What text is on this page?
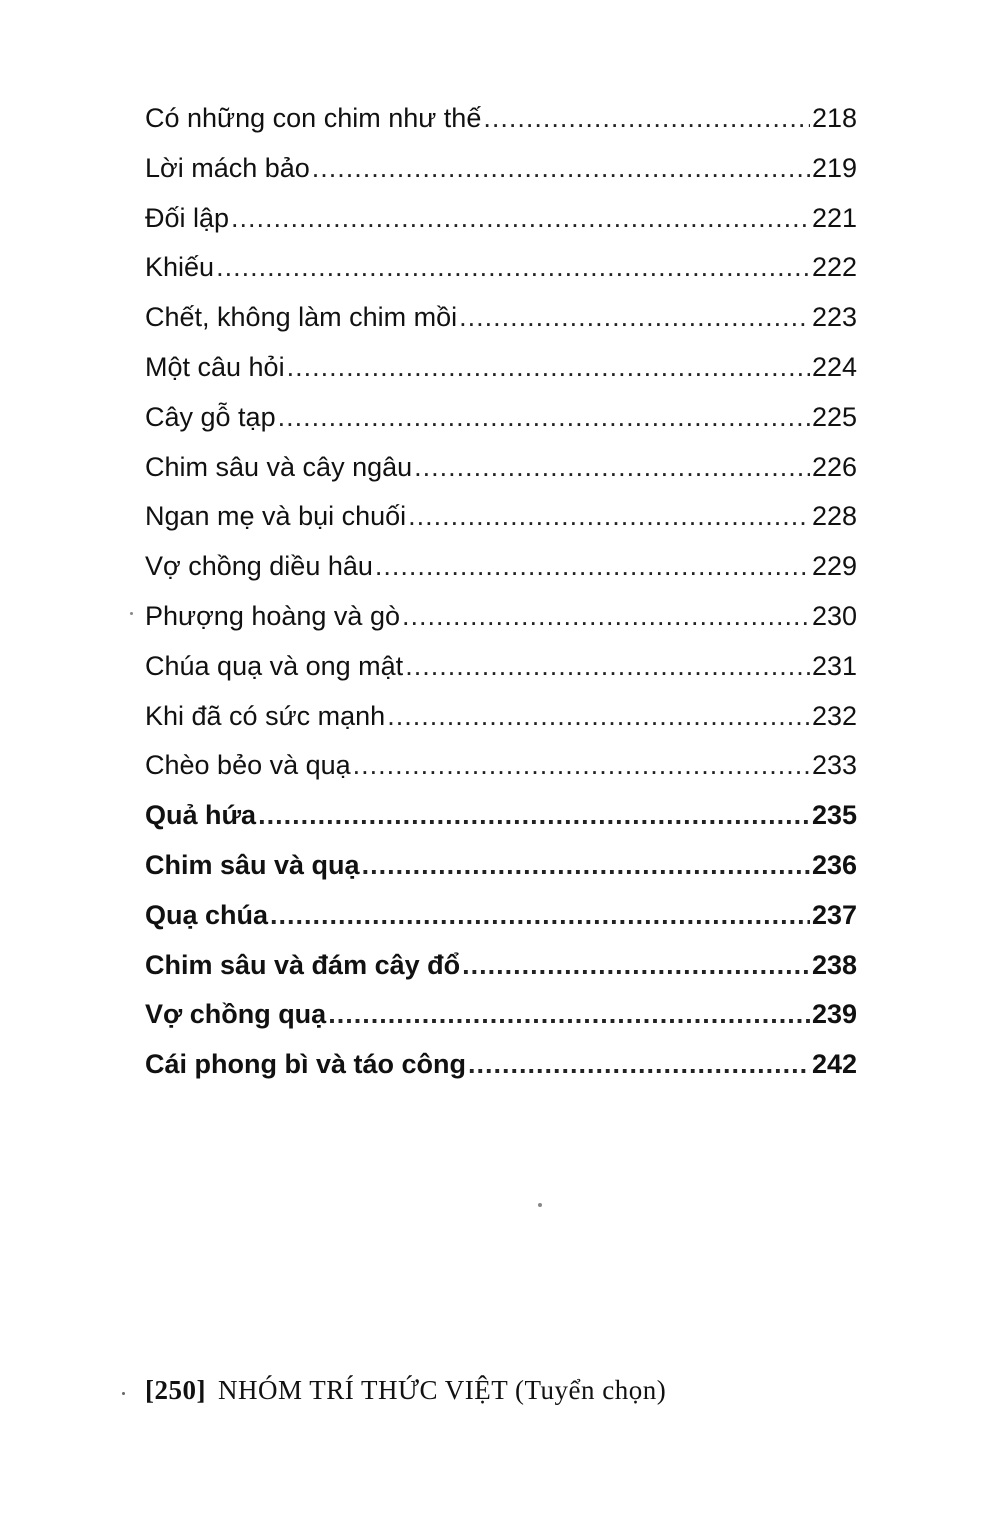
Có những con chim như thế .....	218
Lời mách bảo .....	219
Đối lập .....	221
Khiếu .....	222
Chết, không làm chim mồi .....	223
Một câu hỏi .....	224
Cây gỗ tạp .....	225
Chim sâu và cây ngâu .....	226
Ngan mẹ và bụi chuối .....	228
Vợ chồng diều hâu .....	229
Phượng hoàng và gò .....	230
Chúa quạ và ong mật .....	231
Khi đã có sức mạnh .....	232
Chèo bẻo và quạ .....	233
Quả hứa .....	235
Chim sâu và quạ .....	236
Quạ chúa .....	237
Chim sâu và đám cây đổ .....	238
Vợ chồng quạ .....	239
Cái phong bì và táo công .....	242
[250] NHÓM TRÍ THỨC VIỆT (Tuyển chọn)
